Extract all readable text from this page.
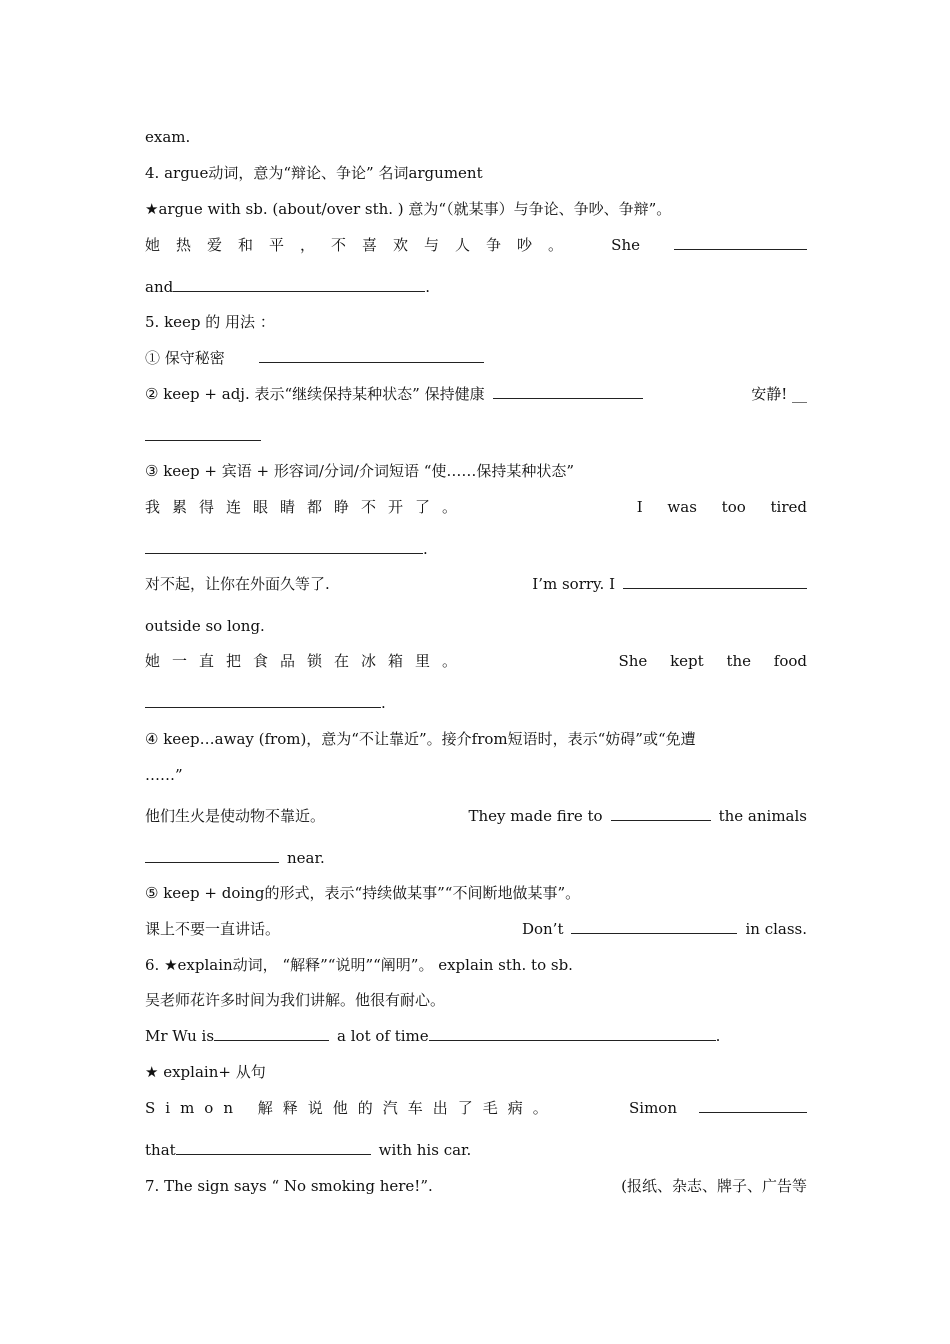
exam.
4. argue动词，意为“辩论、争论” 名词argument
★argue with sb. (about/over sth. ) 意为“（就某事）与争论、争吵、争辩”。
她热爱和平，不喜欢与人争吵。 She
and	.
5. keep 的 用法 ：
① 保守秘密
② keep + adj. 表示“继续保持某种状态” 保持健康	安静! __
③ keep + 宾语 + 形容词/分词/介词短语 “使……保持某种状态”
我累得连眼睛都睁不开了。	I was too tired
.
对不起，让你在外面久等了.	I’m sorry. I
outside so long.
她一直把食品锁在冰箱里。	She kept the food
.
④ keep…away (from)，意为“不让靠近”。接介from短语时，表示“妨碍”或“免遭
……”
他们生火是使动物不靠近。	They made fire to	the animals
near.
⑤ keep + doing的形式，表示“持续做某事”“不间断地做某事”。
课上不要一直讲话。	Don’t	in class.
6. ★explain动词， “解释”“说明”“阐明”。 explain sth. to sb.
吴老师花许多时间为我们讲解。他很有耐心。
Mr Wu is	a lot of time	.
★ explain+ 从句
Simon 解释说他的汽车出了毛病。	Simon
that	with his car.
7. The sign says “ No smoking here!”.	(报纸、杂志、牌子、广告等
